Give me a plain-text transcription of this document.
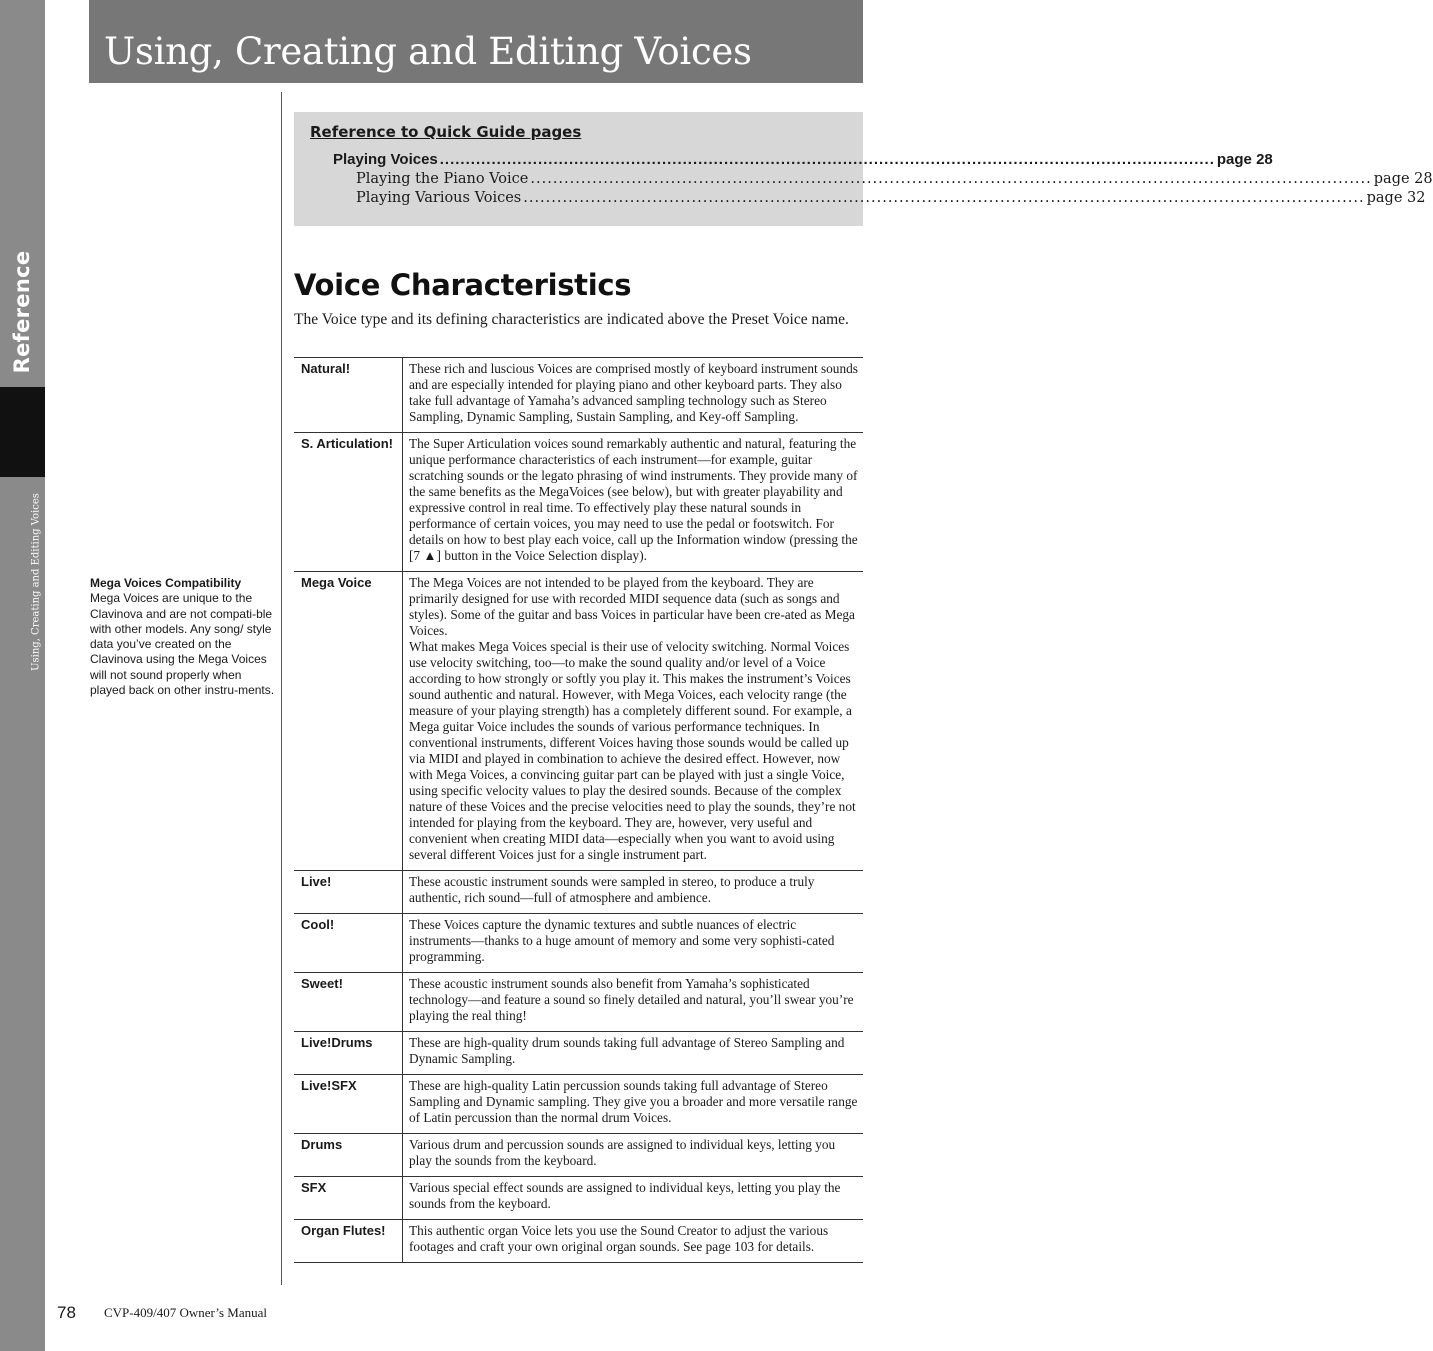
Reference
Using, Creating and Editing Voices
Using, Creating and Editing Voices
Mega Voices Compatibility
Mega Voices are unique to the Clavinova and are not compati-ble with other models. Any song/ style data you’ve created on the Clavinova using the Mega Voices will not sound properly when played back on other instru-ments.
Reference to Quick Guide pages
Playing Voices ...................................................................................................................................................... page 28
Playing the Piano Voice ...................................................................................................................................................... page 28
Playing Various Voices ...................................................................................................................................................... page 32
Voice Characteristics

The Voice type and its defining characteristics are indicated above the Preset Voice name.

Natural!	These rich and luscious Voices are comprised mostly of keyboard instrument sounds and are especially intended for playing piano and other keyboard parts. They also take full advantage of Yamaha’s advanced sampling technology such as Stereo Sampling, Dynamic Sampling, Sustain Sampling, and Key-off Sampling.
S. Articulation!	The Super Articulation voices sound remarkably authentic and natural, featuring the unique performance characteristics of each instrument—for example, guitar scratching sounds or the legato phrasing of wind instruments. They provide many of the same benefits as the MegaVoices (see below), but with greater playability and expressive control in real time. To effectively play these natural sounds in performance of certain voices, you may need to use the pedal or footswitch. For details on how to best play each voice, call up the Information window (pressing the [7 ▲] button in the Voice Selection display).
Mega Voice	The Mega Voices are not intended to be played from the keyboard. They are primarily designed for use with recorded MIDI sequence data (such as songs and styles). Some of the guitar and bass Voices in particular have been cre-ated as Mega Voices.
What makes Mega Voices special is their use of velocity switching. Normal Voices use velocity switching, too—to make the sound quality and/or level of a Voice according to how strongly or softly you play it. This makes the instrument’s Voices sound authentic and natural. However, with Mega Voices, each velocity range (the measure of your playing strength) has a completely different sound. For example, a Mega guitar Voice includes the sounds of various performance techniques. In conventional instruments, different Voices having those sounds would be called up via MIDI and played in combination to achieve the desired effect. However, now with Mega Voices, a convincing guitar part can be played with just a single Voice, using specific velocity values to play the desired sounds. Because of the complex nature of these Voices and the precise velocities need to play the sounds, they’re not intended for playing from the keyboard. They are, however, very useful and convenient when creating MIDI data—especially when you want to avoid using several different Voices just for a single instrument part.
Live!	These acoustic instrument sounds were sampled in stereo, to produce a truly authentic, rich sound—full of atmosphere and ambience.
Cool!	These Voices capture the dynamic textures and subtle nuances of electric instruments—thanks to a huge amount of memory and some very sophisti-cated programming.
Sweet!	These acoustic instrument sounds also benefit from Yamaha’s sophisticated technology—and feature a sound so finely detailed and natural, you’ll swear you’re playing the real thing!
Live!Drums	These are high-quality drum sounds taking full advantage of Stereo Sampling and Dynamic Sampling.
Live!SFX	These are high-quality Latin percussion sounds taking full advantage of Stereo Sampling and Dynamic sampling. They give you a broader and more versatile range of Latin percussion than the normal drum Voices.
Drums	Various drum and percussion sounds are assigned to individual keys, letting you play the sounds from the keyboard.
SFX	Various special effect sounds are assigned to individual keys, letting you play the sounds from the keyboard.
Organ Flutes!	This authentic organ Voice lets you use the Sound Creator to adjust the various footages and craft your own original organ sounds. See page 103 for details.
78 CVP-409/407 Owner’s Manual
